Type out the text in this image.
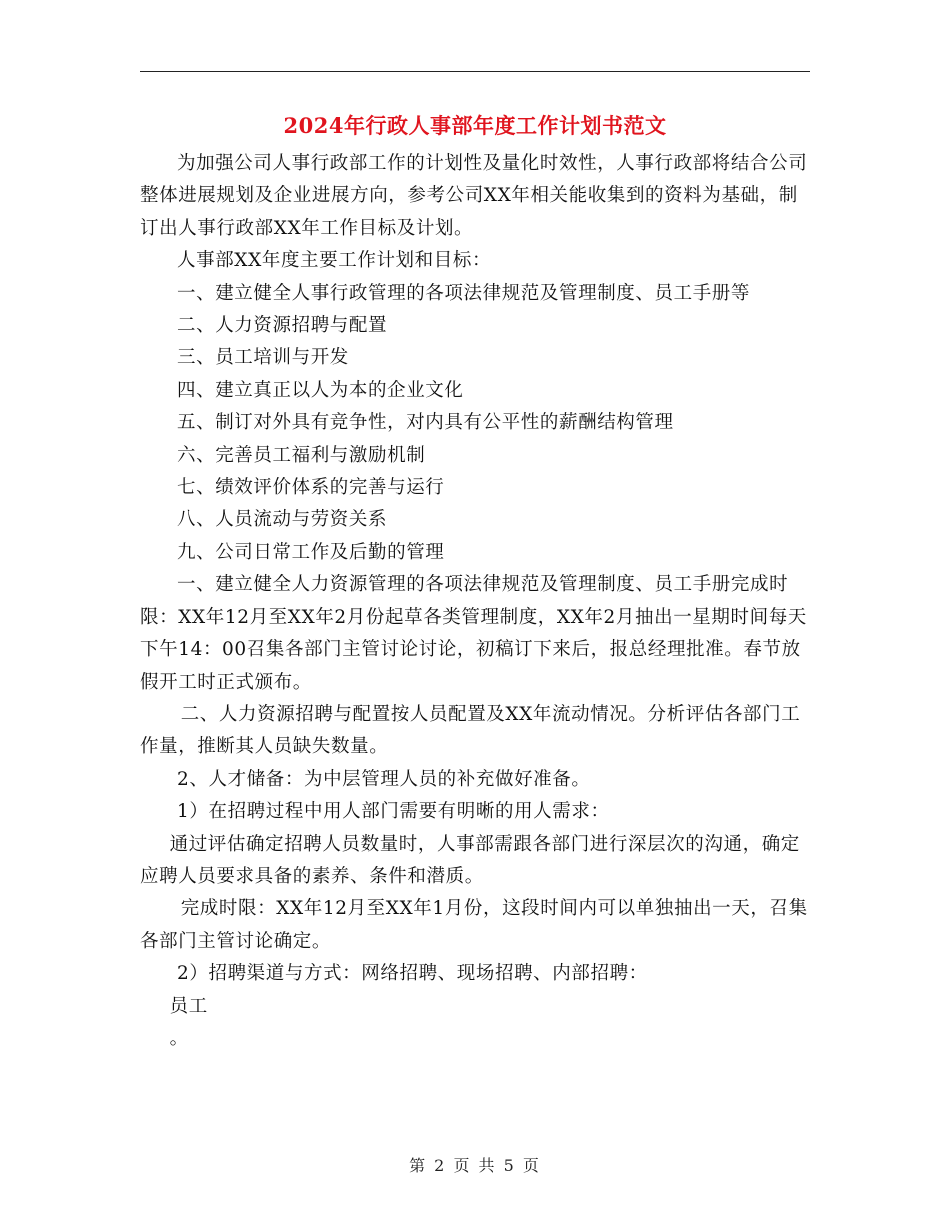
2024年行政人事部年度工作计划书范文

为加强公司人事行政部工作的计划性及量化时效性，人事行政部将结合公司整体进展规划及企业进展方向，参考公司XX年相关能收集到的资料为基础，制订出人事行政部XX年工作目标及计划。

人事部XX年度主要工作计划和目标：

一、建立健全人事行政管理的各项法律规范及管理制度、员工手册等

二、人力资源招聘与配置

三、员工培训与开发

四、建立真正以人为本的企业文化

五、制订对外具有竞争性，对内具有公平性的薪酬结构管理

六、完善员工福利与激励机制

七、绩效评价体系的完善与运行

八、人员流动与劳资关系

九、公司日常工作及后勤的管理

一、建立健全人力资源管理的各项法律规范及管理制度、员工手册完成时限：XX年12月至XX年2月份起草各类管理制度，XX年2月抽出一星期时间每天下午14：00召集各部门主管讨论讨论，初稿订下来后，报总经理批准。春节放假开工时正式颁布。

二、人力资源招聘与配置按人员配置及XX年流动情况。分析评估各部门工作量，推断其人员缺失数量。

2、人才储备：为中层管理人员的补充做好准备。

1）在招聘过程中用人部门需要有明晰的用人需求：

通过评估确定招聘人员数量时，人事部需跟各部门进行深层次的沟通，确定应聘人员要求具备的素养、条件和潜质。

完成时限：XX年12月至XX年1月份，这段时间内可以单独抽出一天，召集各部门主管讨论确定。

2）招聘渠道与方式：网络招聘、现场招聘、内部招聘：

员工

。

第 2 页 共 5 页
